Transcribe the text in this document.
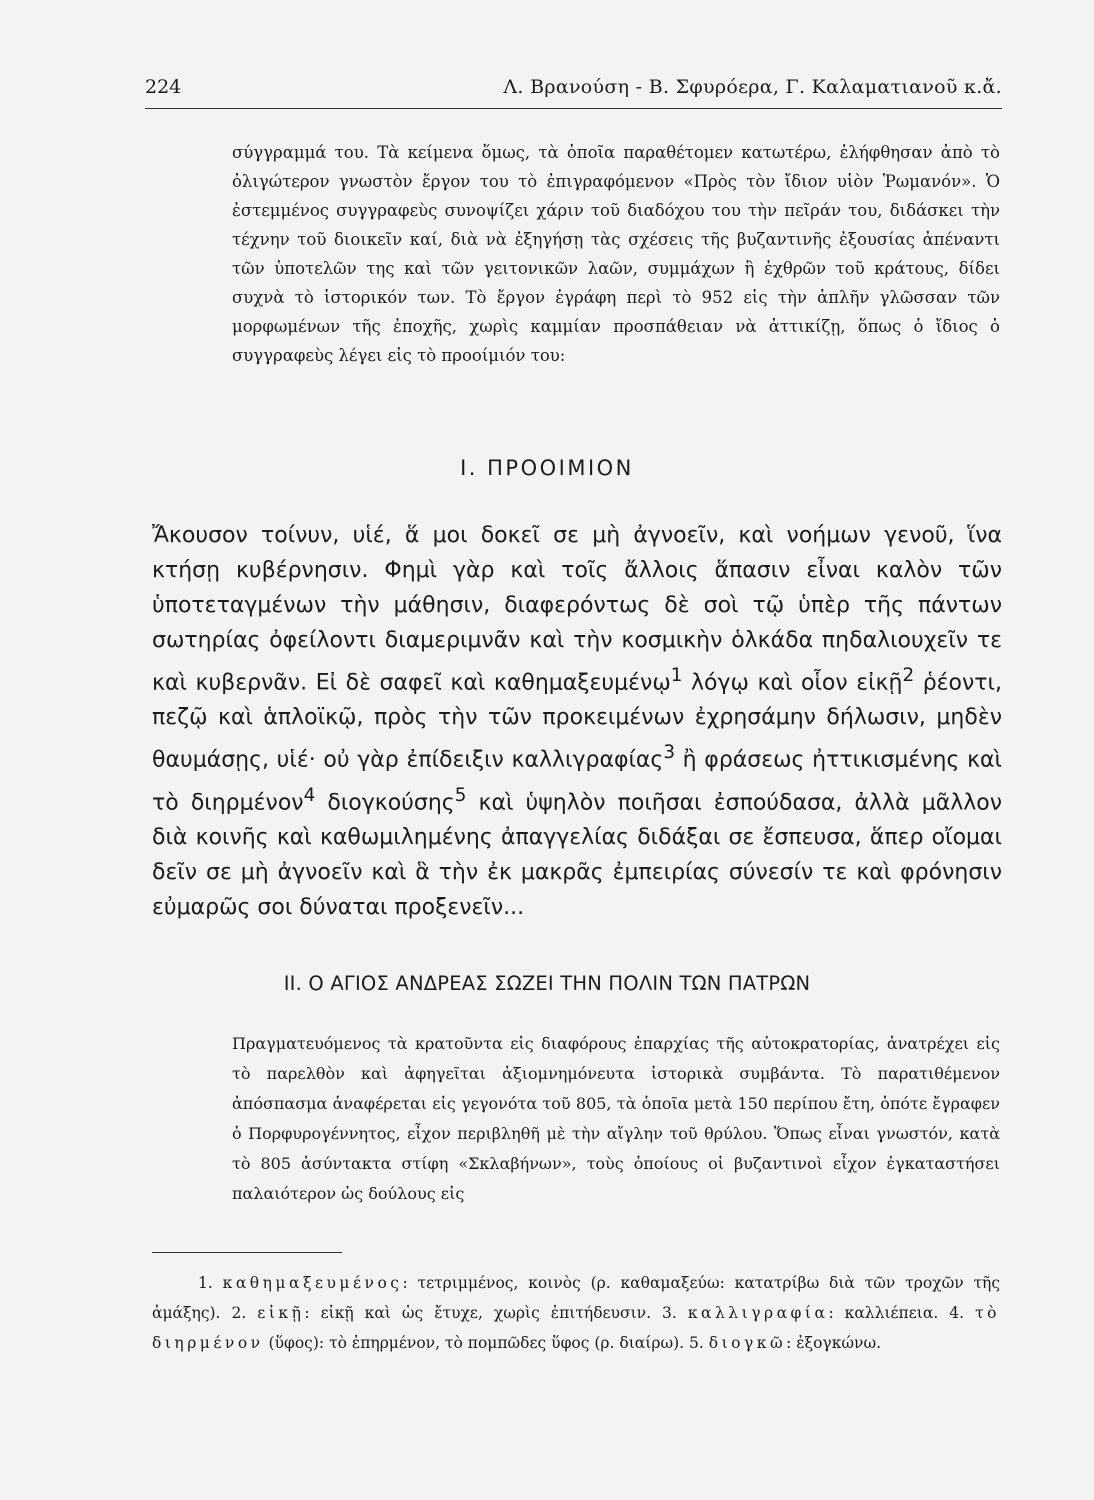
224	Λ. Βρανούση - Β. Σφυρόερα, Γ. Καλαματιανοῦ κ.ἄ.

σύγγραμμά του. Τὰ κείμενα ὅμως, τὰ ὁποῖα παραθέτομεν κατωτέρω, ἐλήφθησαν ἀπὸ τὸ ὀλιγώτερον γνωστὸν ἔργον του τὸ ἐπιγραφόμενον «Πρὸς τὸν ἴδιον υἱὸν Ῥωμανόν». Ὁ ἐστεμμένος συγγραφεὺς συνοψίζει χάριν τοῦ διαδόχου του τὴν πεῖράν του, διδάσκει τὴν τέχνην τοῦ διοικεῖν καί, διὰ νὰ ἐξηγήσῃ τὰς σχέσεις τῆς βυζαντινῆς ἐξουσίας ἀπέναντι τῶν ὑποτελῶν της καὶ τῶν γειτονικῶν λαῶν, συμμάχων ἢ ἐχθρῶν τοῦ κράτους, δίδει συχνὰ τὸ ἱστορικόν των. Τὸ ἔργον ἐγράφη περὶ τὸ 952 εἰς τὴν ἁπλῆν γλῶσσαν τῶν μορφωμένων τῆς ἐποχῆς, χωρὶς καμμίαν προσπάθειαν νὰ ἀττικίζῃ, ὅπως ὁ ἴδιος ὁ συγγραφεὺς λέγει εἰς τὸ προοίμιόν του:

I. ΠΡΟΟΙΜΙΟΝ

Ἄκουσον τοίνυν, υἱέ, ἅ μοι δοκεῖ σε μὴ ἀγνοεῖν, καὶ νοήμων γενοῦ, ἵνα κτήσῃ κυβέρνησιν. Φημὶ γὰρ καὶ τοῖς ἄλλοις ἅπασιν εἶναι καλὸν τῶν ὑποτεταγμένων τὴν μάθησιν, διαφερόντως δὲ σοὶ τῷ ὑπὲρ τῆς πάντων σωτηρίας ὀφείλοντι διαμεριμνᾶν καὶ τὴν κοσμικὴν ὁλκάδα πηδαλιουχεῖν τε καὶ κυβερνᾶν. Εἰ δὲ σαφεῖ καὶ καθημαξευμένῳ$^1$ λόγῳ καὶ οἷον εἰκῇ$^2$ ῥέοντι, πεζῷ καὶ ἁπλοϊκῷ, πρὸς τὴν τῶν προκειμένων ἐχρησάμην δήλωσιν, μηδὲν θαυμάσῃς, υἱέ· οὐ γὰρ ἐπίδειξιν καλλιγραφίας$^3$ ἢ φράσεως ἠττικισμένης καὶ τὸ διηρμένον$^4$ διογκούσης$^5$ καὶ ὑψηλὸν ποιῆσαι ἐσπούδασα, ἀλλὰ μᾶλλον διὰ κοινῆς καὶ καθωμιλημένης ἀπαγγελίας διδάξαι σε ἔσπευσα, ἅπερ οἴομαι δεῖν σε μὴ ἀγνοεῖν καὶ ἃ τὴν ἐκ μακρᾶς ἐμπειρίας σύνεσίν τε καὶ φρόνησιν εὐμαρῶς σοι δύναται προξενεῖν...

II. Ο ΑΓΙΟΣ ΑΝΔΡΕΑΣ ΣΩΖΕΙ ΤΗΝ ΠΟΛΙΝ ΤΩΝ ΠΑΤΡΩΝ

Πραγματευόμενος τὰ κρατοῦντα εἰς διαφόρους ἐπαρχίας τῆς αὐτοκρατορίας, ἀνατρέχει εἰς τὸ παρελθὸν καὶ ἀφηγεῖται ἀξιομνημόνευτα ἱστορικὰ συμβάντα. Τὸ παρατιθέμενον ἀπόσπασμα ἀναφέρεται εἰς γεγονότα τοῦ 805, τὰ ὁποῖα μετὰ 150 περίπου ἔτη, ὁπότε ἔγραφεν ὁ Πορφυρογέννητος, εἶχον περιβληθῆ μὲ τὴν αἴγλην τοῦ θρύλου. Ὅπως εἶναι γνωστόν, κατὰ τὸ 805 ἀσύντακτα στίφη «Σκλαβήνων», τοὺς ὁποίους οἱ βυζαντινοὶ εἶχον ἐγκαταστήσει παλαιότερον ὡς δούλους εἰς

1. καθημαξευμένος: τετριμμένος, κοινὸς (ρ. καθαμαξεύω: κατατρίβω διὰ τῶν τροχῶν τῆς ἁμάξης). 2. εἰκῇ: εἰκῇ καὶ ὡς ἔτυχε, χωρὶς ἐπιτήδευσιν. 3. καλλιγραφία: καλλιέπεια. 4. τὸ διηρμένον (ὕφος): τὸ ἐπηρμένον, τὸ πομπῶδες ὕφος (ρ. διαίρω). 5. διογκῶ: ἐξογκώνω.
